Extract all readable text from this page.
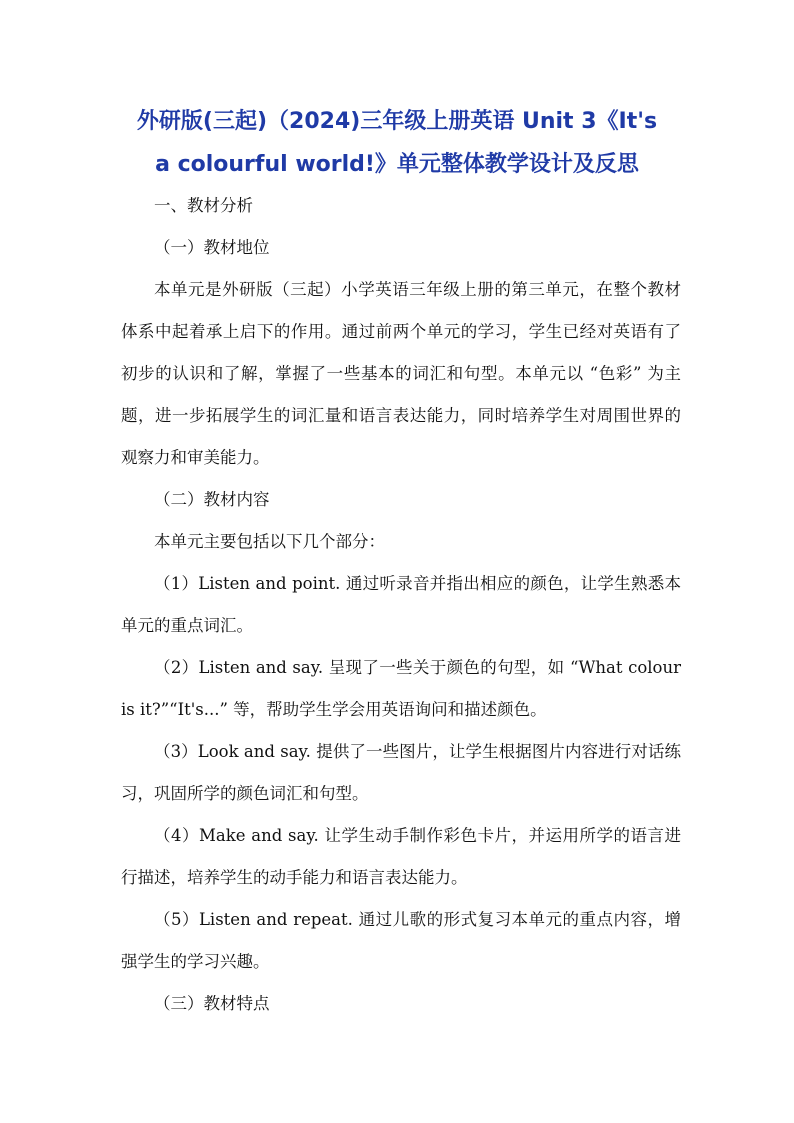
外研版(三起)（2024)三年级上册英语 Unit 3《It's
a colourful world!》单元整体教学设计及反思

一、教材分析

（一）教材地位

本单元是外研版（三起）小学英语三年级上册的第三单元，在整个教材体系中起着承上启下的作用。通过前两个单元的学习，学生已经对英语有了初步的认识和了解，掌握了一些基本的词汇和句型。本单元以 “色彩” 为主题，进一步拓展学生的词汇量和语言表达能力，同时培养学生对周围世界的观察力和审美能力。

（二）教材内容

本单元主要包括以下几个部分：

（1）Listen and point. 通过听录音并指出相应的颜色，让学生熟悉本单元的重点词汇。

（2）Listen and say. 呈现了一些关于颜色的句型，如 “What colour is it?”“It's...” 等，帮助学生学会用英语询问和描述颜色。

（3）Look and say. 提供了一些图片，让学生根据图片内容进行对话练习，巩固所学的颜色词汇和句型。

（4）Make and say. 让学生动手制作彩色卡片，并运用所学的语言进行描述，培养学生的动手能力和语言表达能力。

（5）Listen and repeat. 通过儿歌的形式复习本单元的重点内容，增强学生的学习兴趣。

（三）教材特点
